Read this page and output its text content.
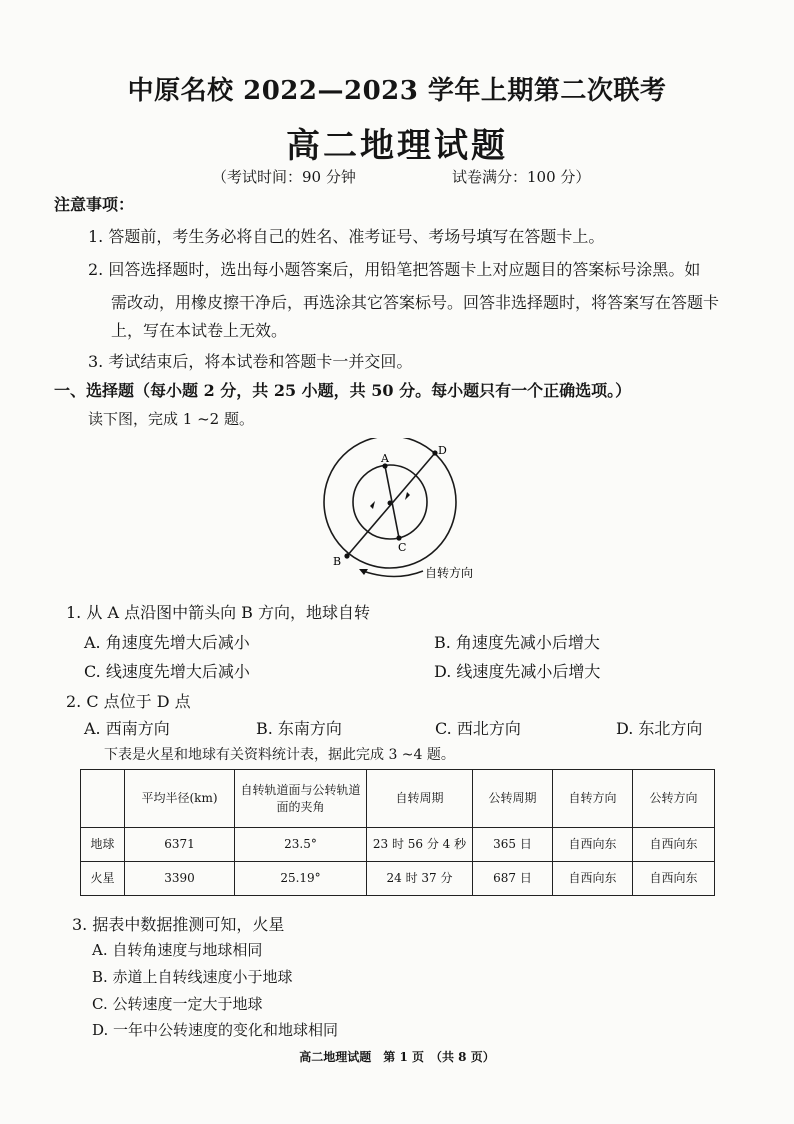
中原名校 2022—2023 学年上期第二次联考
高二地理试题
（考试时间：90 分钟	试卷满分：100 分）
注意事项：
1. 答题前，考生务必将自己的姓名、准考证号、考场号填写在答题卡上。
2. 回答选择题时，选出每小题答案后，用铅笔把答题卡上对应题目的答案标号涂黑。如
需改动，用橡皮擦干净后，再选涂其它答案标号。回答非选择题时，将答案写在答题卡
上，写在本试卷上无效。
3. 考试结束后，将本试卷和答题卡一并交回。
一、选择题（每小题 2 分，共 25 小题，共 50 分。每小题只有一个正确选项。）
读下图，完成 1 ~2 题。
A
C
D
B
自转方向
1. 从 A 点沿图中箭头向 B 方向，地球自转
A. 角速度先增大后减小	B. 角速度先减小后增大
C. 线速度先增大后减小	D. 线速度先减小后增大
2. C 点位于 D 点
A. 西南方向	B. 东南方向	C. 西北方向	D. 东北方向
下表是火星和地球有关资料统计表，据此完成 3 ~4 题。
	平均半径(km)	自转轨道面与公转轨道面的夹角	自转周期	公转周期	自转方向	公转方向
地球	6371	23.5°	23 时 56 分 4 秒	365 日	自西向东	自西向东
火星	3390	25.19°	24 时 37 分	687 日	自西向东	自西向东
3. 据表中数据推测可知，火星
A. 自转角速度与地球相同
B. 赤道上自转线速度小于地球
C. 公转速度一定大于地球
D. 一年中公转速度的变化和地球相同
高二地理试题　第 1 页　（共 8 页）
